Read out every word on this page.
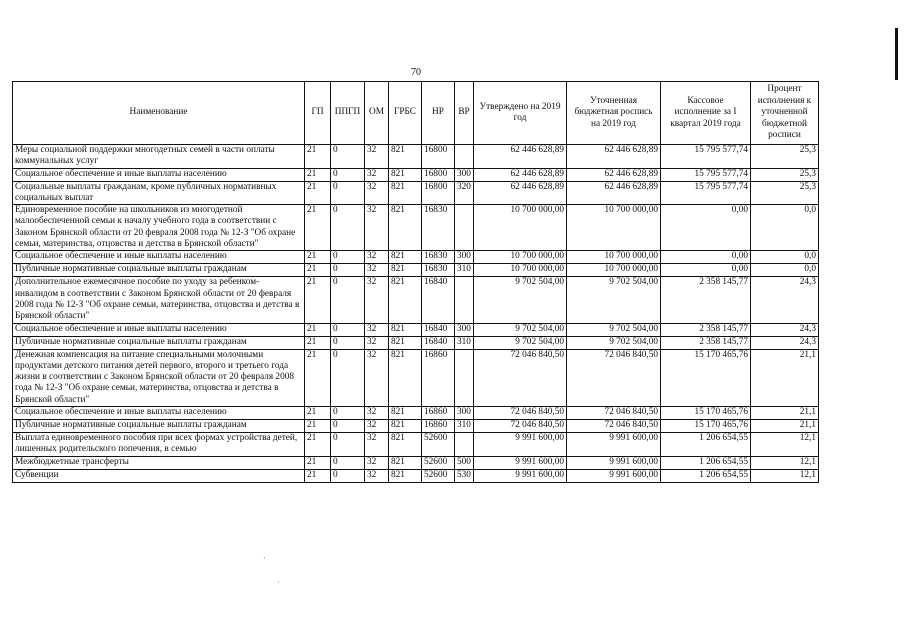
70
·
·
Наименование	ГП	ППГП	ОМ	ГРБС	НР	ВР	Утверждено на 2019 год	Уточненная бюджетная роспись на 2019 год	Кассовое исполнение за I квартал 2019 года	Процент исполнения к уточненной бюджетной росписи
Меры социальной поддержки многодетных семей в части оплаты коммунальных услуг	21	0	32	821	16800		62 446 628,89	62 446 628,89	15 795 577,74	25,3
Социальное обеспечение и иные выплаты населению	21	0	32	821	16800	300	62 446 628,89	62 446 628,89	15 795 577,74	25,3
Социальные выплаты гражданам, кроме публичных нормативных социальных выплат	21	0	32	821	16800	320	62 446 628,89	62 446 628,89	15 795 577,74	25,3
Единовременное пособие на школьников из многодетной малообеспеченной семьи к началу учебного года в соответствии с Законом Брянской области от 20 февраля 2008 года № 12-З "Об охране семьи, материнства, отцовства и детства в Брянской области"	21	0	32	821	16830		10 700 000,00	10 700 000,00	0,00	0,0
Социальное обеспечение и иные выплаты населению	21	0	32	821	16830	300	10 700 000,00	10 700 000,00	0,00	0,0
Публичные нормативные социальные выплаты гражданам	21	0	32	821	16830	310	10 700 000,00	10 700 000,00	0,00	0,0
Дополнительное ежемесячное пособие по уходу за ребенком-инвалидом в соответствии с Законом Брянской области от 20 февраля 2008 года № 12-З "Об охране семьи, материнства, отцовства и детства в Брянской области"	21	0	32	821	16840		9 702 504,00	9 702 504,00	2 358 145,77	24,3
Социальное обеспечение и иные выплаты населению	21	0	32	821	16840	300	9 702 504,00	9 702 504,00	2 358 145,77	24,3
Публичные нормативные социальные выплаты гражданам	21	0	32	821	16840	310	9 702 504,00	9 702 504,00	2 358 145,77	24,3
Денежная компенсация на питание специальными молочными продуктами детского питания детей первого, второго и третьего года жизни в соответствии с Законом Брянской области от 20 февраля 2008 года № 12-З "Об охране семьи, материнства, отцовства и детства в Брянской области"	21	0	32	821	16860		72 046 840,50	72 046 840,50	15 170 465,76	21,1
Социальное обеспечение и иные выплаты населению	21	0	32	821	16860	300	72 046 840,50	72 046 840,50	15 170 465,76	21,1
Публичные нормативные социальные выплаты гражданам	21	0	32	821	16860	310	72 046 840,50	72 046 840,50	15 170 465,76	21,1
Выплата единовременного пособия при всех формах устройства детей, лишенных родительского попечения, в семью	21	0	32	821	52600		9 991 600,00	9 991 600,00	1 206 654,55	12,1
Межбюджетные трансферты	21	0	32	821	52600	500	9 991 600,00	9 991 600,00	1 206 654,55	12,1
Субвенции	21	0	32	821	52600	530	9 991 600,00	9 991 600,00	1 206 654,55	12,1
